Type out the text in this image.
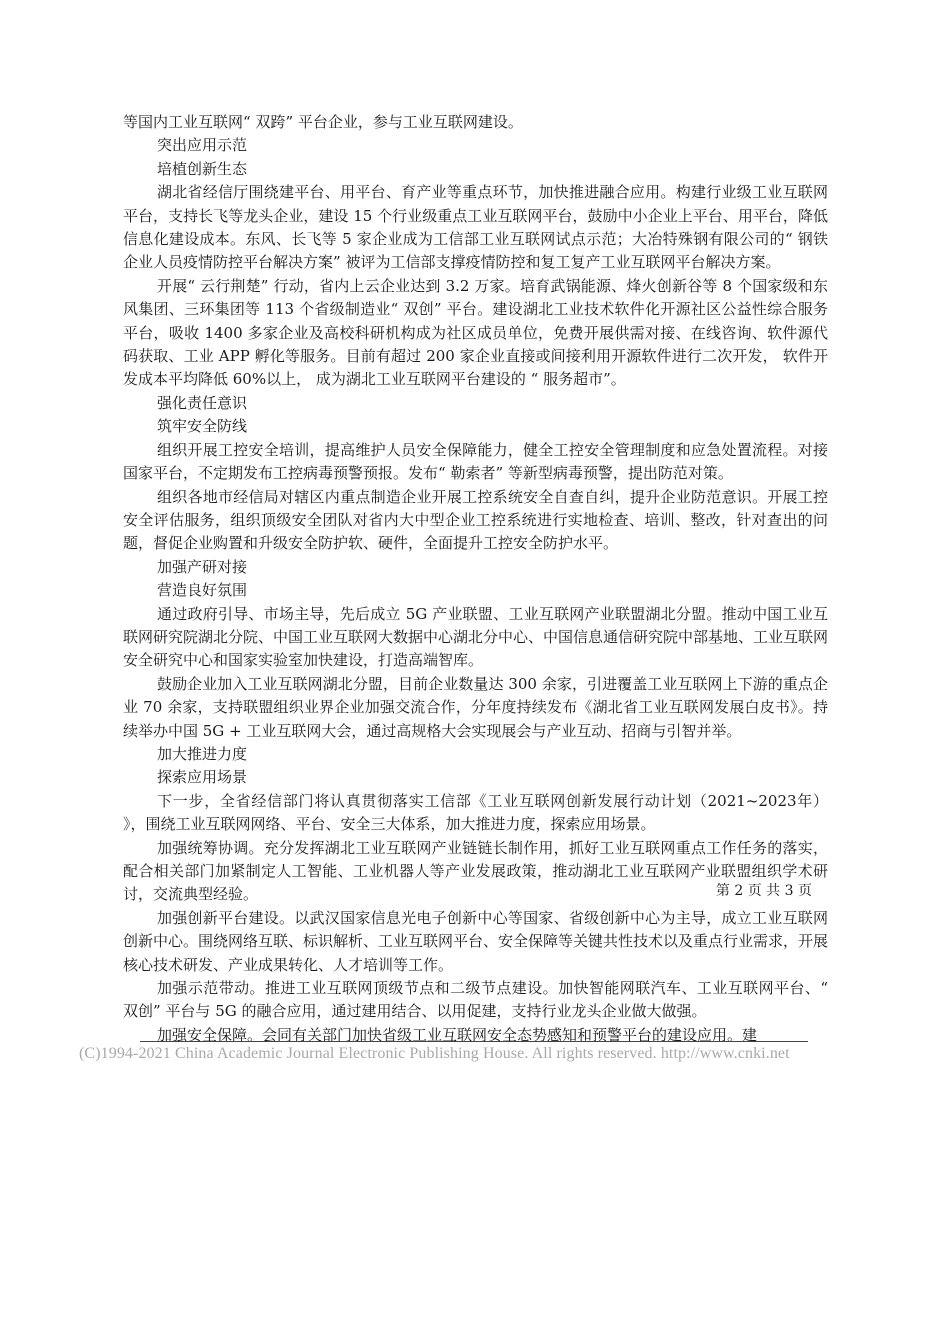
等国内工业互联网“ 双跨” 平台企业，参与工业互联网建设。

突出应用示范

培植创新生态

湖北省经信厅围绕建平台、用平台、育产业等重点环节，加快推进融合应用。构建行业级工业互联网平台，支持长飞等龙头企业，建设 15 个行业级重点工业互联网平台，鼓励中小企业上平台、用平台，降低信息化建设成本。东风、长飞等 5 家企业成为工信部工业互联网试点示范；大冶特殊钢有限公司的“ 钢铁企业人员疫情防控平台解决方案” 被评为工信部支撑疫情防控和复工复产工业互联网平台解决方案。

开展“ 云行荆楚” 行动，省内上云企业达到 3.2 万家。培育武锅能源、烽火创新谷等 8 个国家级和东风集团、三环集团等 113 个省级制造业“ 双创” 平台。建设湖北工业技术软件化开源社区公益性综合服务平台，吸收 1400 多家企业及高校科研机构成为社区成员单位，免费开展供需对接、在线咨询、软件源代码获取、工业 APP 孵化等服务。目前有超过 200 家企业直接或间接利用开源软件进行二次开发， 软件开发成本平均降低 60%以上， 成为湖北工业互联网平台建设的 “ 服务超市”。

强化责任意识

筑牢安全防线

组织开展工控安全培训，提高维护人员安全保障能力，健全工控安全管理制度和应急处置流程。对接国家平台，不定期发布工控病毒预警预报。发布“ 勒索者” 等新型病毒预警，提出防范对策。

组织各地市经信局对辖区内重点制造企业开展工控系统安全自查自纠，提升企业防范意识。开展工控安全评估服务，组织顶级安全团队对省内大中型企业工控系统进行实地检查、培训、整改，针对查出的问题，督促企业购置和升级安全防护软、硬件，全面提升工控安全防护水平。

加强产研对接

营造良好氛围

通过政府引导、市场主导，先后成立 5G 产业联盟、工业互联网产业联盟湖北分盟。推动中国工业互联网研究院湖北分院、中国工业互联网大数据中心湖北分中心、中国信息通信研究院中部基地、工业互联网安全研究中心和国家实验室加快建设，打造高端智库。

鼓励企业加入工业互联网湖北分盟，目前企业数量达 300 余家，引进覆盖工业互联网上下游的重点企业 70 余家，支持联盟组织业界企业加强交流合作，分年度持续发布《湖北省工业互联网发展白皮书》。持续举办中国 5G + 工业互联网大会，通过高规格大会实现展会与产业互动、招商与引智并举。

加大推进力度

探索应用场景

下一步，全省经信部门将认真贯彻落实工信部《工业互联网创新发展行动计划（2021~2023年） 》，围绕工业互联网网络、平台、安全三大体系，加大推进力度，探索应用场景。

加强统筹协调。充分发挥湖北工业互联网产业链链长制作用，抓好工业互联网重点工作任务的落实，配合相关部门加紧制定人工智能、工业机器人等产业发展政策，推动湖北工业互联网产业联盟组织学术研讨，交流典型经验。

加强创新平台建设。以武汉国家信息光电子创新中心等国家、省级创新中心为主导，成立工业互联网创新中心。围绕网络互联、标识解析、工业互联网平台、安全保障等关键共性技术以及重点行业需求，开展核心技术研发、产业成果转化、人才培训等工作。

加强示范带动。推进工业互联网顶级节点和二级节点建设。加快智能网联汽车、工业互联网平台、“ 双创” 平台与 5G 的融合应用，通过建用结合、以用促建，支持行业龙头企业做大做强。

加强安全保障。会同有关部门加快省级工业互联网安全态势感知和预警平台的建设应用。建

第 2 页 共 3 页
(C)1994-2021 China Academic Journal Electronic Publishing House. All rights reserved. http://www.cnki.net
